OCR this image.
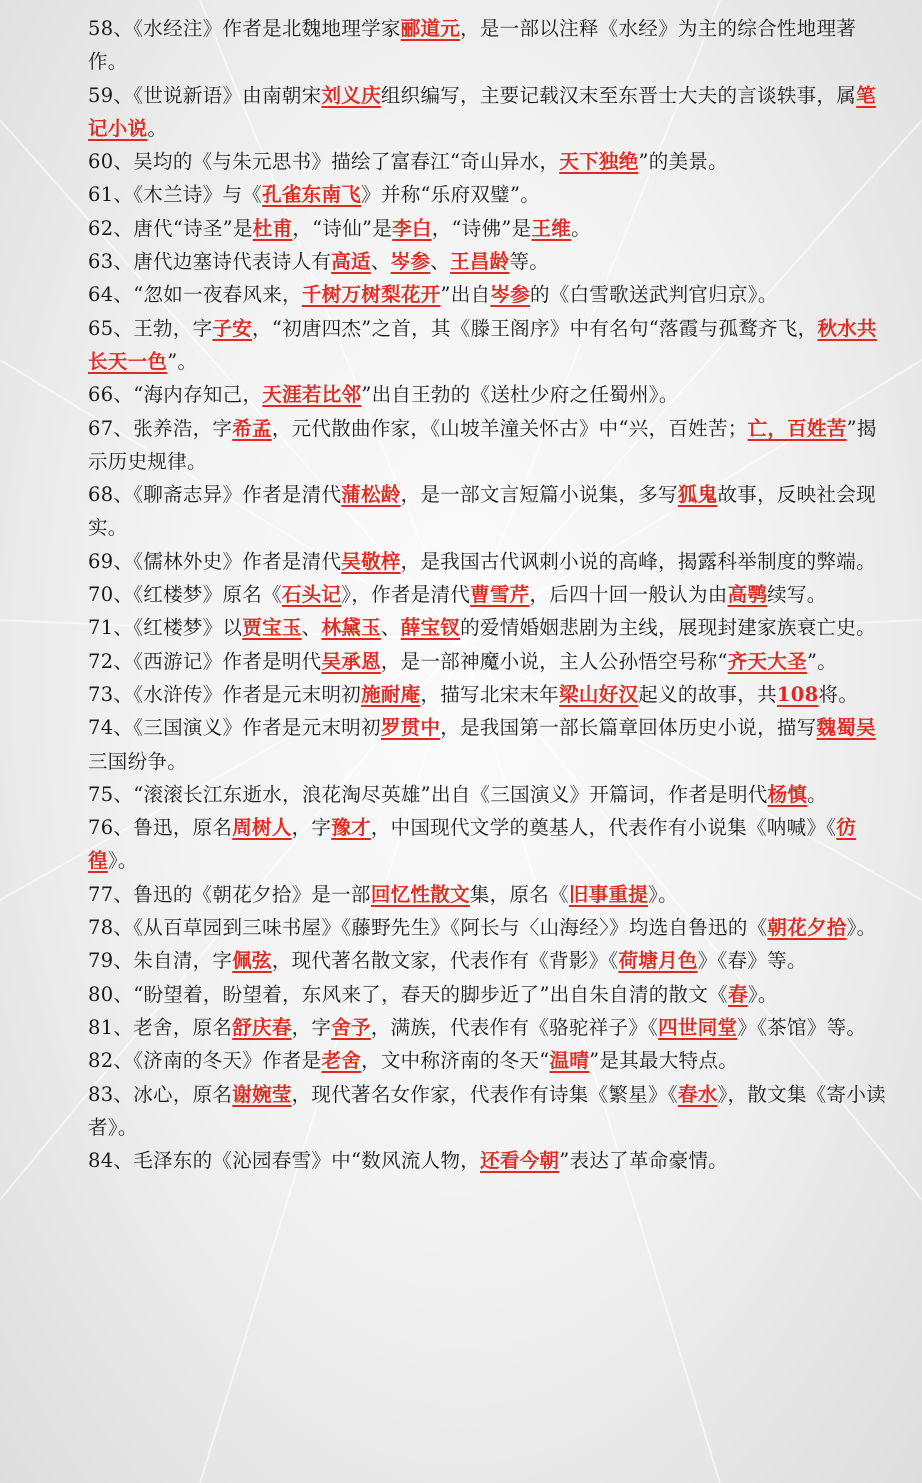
58、《水经注》作者是北魏地理学家郦道元，是一部以注释《水经》为主的综合性地理著作。

59、《世说新语》由南朝宋刘义庆组织编写，主要记载汉末至东晋士大夫的言谈轶事，属笔记小说。

60、吴均的《与朱元思书》描绘了富春江“奇山异水，天下独绝”的美景。

61、《木兰诗》与《孔雀东南飞》并称“乐府双璧”。

62、唐代“诗圣”是杜甫，“诗仙”是李白，“诗佛”是王维。

63、唐代边塞诗代表诗人有高适、岑参、王昌龄等。

64、“忽如一夜春风来，千树万树梨花开”出自岑参的《白雪歌送武判官归京》。

65、王勃，字子安，“初唐四杰”之首，其《滕王阁序》中有名句“落霞与孤鹜齐飞，秋水共长天一色”。

66、“海内存知己，天涯若比邻”出自王勃的《送杜少府之任蜀州》。

67、张养浩，字希孟，元代散曲作家，《山坡羊潼关怀古》中“兴，百姓苦；亡，百姓苦”揭示历史规律。

68、《聊斋志异》作者是清代蒲松龄，是一部文言短篇小说集，多写狐鬼故事，反映社会现实。

69、《儒林外史》作者是清代吴敬梓，是我国古代讽刺小说的高峰，揭露科举制度的弊端。

70、《红楼梦》原名《石头记》，作者是清代曹雪芹，后四十回一般认为由高鹗续写。

71、《红楼梦》以贾宝玉、林黛玉、薛宝钗的爱情婚姻悲剧为主线，展现封建家族衰亡史。

72、《西游记》作者是明代吴承恩，是一部神魔小说，主人公孙悟空号称“齐天大圣”。

73、《水浒传》作者是元末明初施耐庵，描写北宋末年梁山好汉起义的故事，共108将。

74、《三国演义》作者是元末明初罗贯中，是我国第一部长篇章回体历史小说，描写魏蜀吴三国纷争。

75、“滚滚长江东逝水，浪花淘尽英雄”出自《三国演义》开篇词，作者是明代杨慎。

76、鲁迅，原名周树人，字豫才，中国现代文学的奠基人，代表作有小说集《呐喊》《彷徨》。

77、鲁迅的《朝花夕拾》是一部回忆性散文集，原名《旧事重提》。

78、《从百草园到三味书屋》《藤野先生》《阿长与〈山海经〉》均选自鲁迅的《朝花夕拾》。

79、朱自清，字佩弦，现代著名散文家，代表作有《背影》《荷塘月色》《春》等。

80、“盼望着，盼望着，东风来了，春天的脚步近了”出自朱自清的散文《春》。

81、老舍，原名舒庆春，字舍予，满族，代表作有《骆驼祥子》《四世同堂》《茶馆》等。

82、《济南的冬天》作者是老舍，文中称济南的冬天“温晴”是其最大特点。

83、冰心，原名谢婉莹，现代著名女作家，代表作有诗集《繁星》《春水》，散文集《寄小读者》。

84、毛泽东的《沁园春雪》中“数风流人物，还看今朝”表达了革命豪情。
